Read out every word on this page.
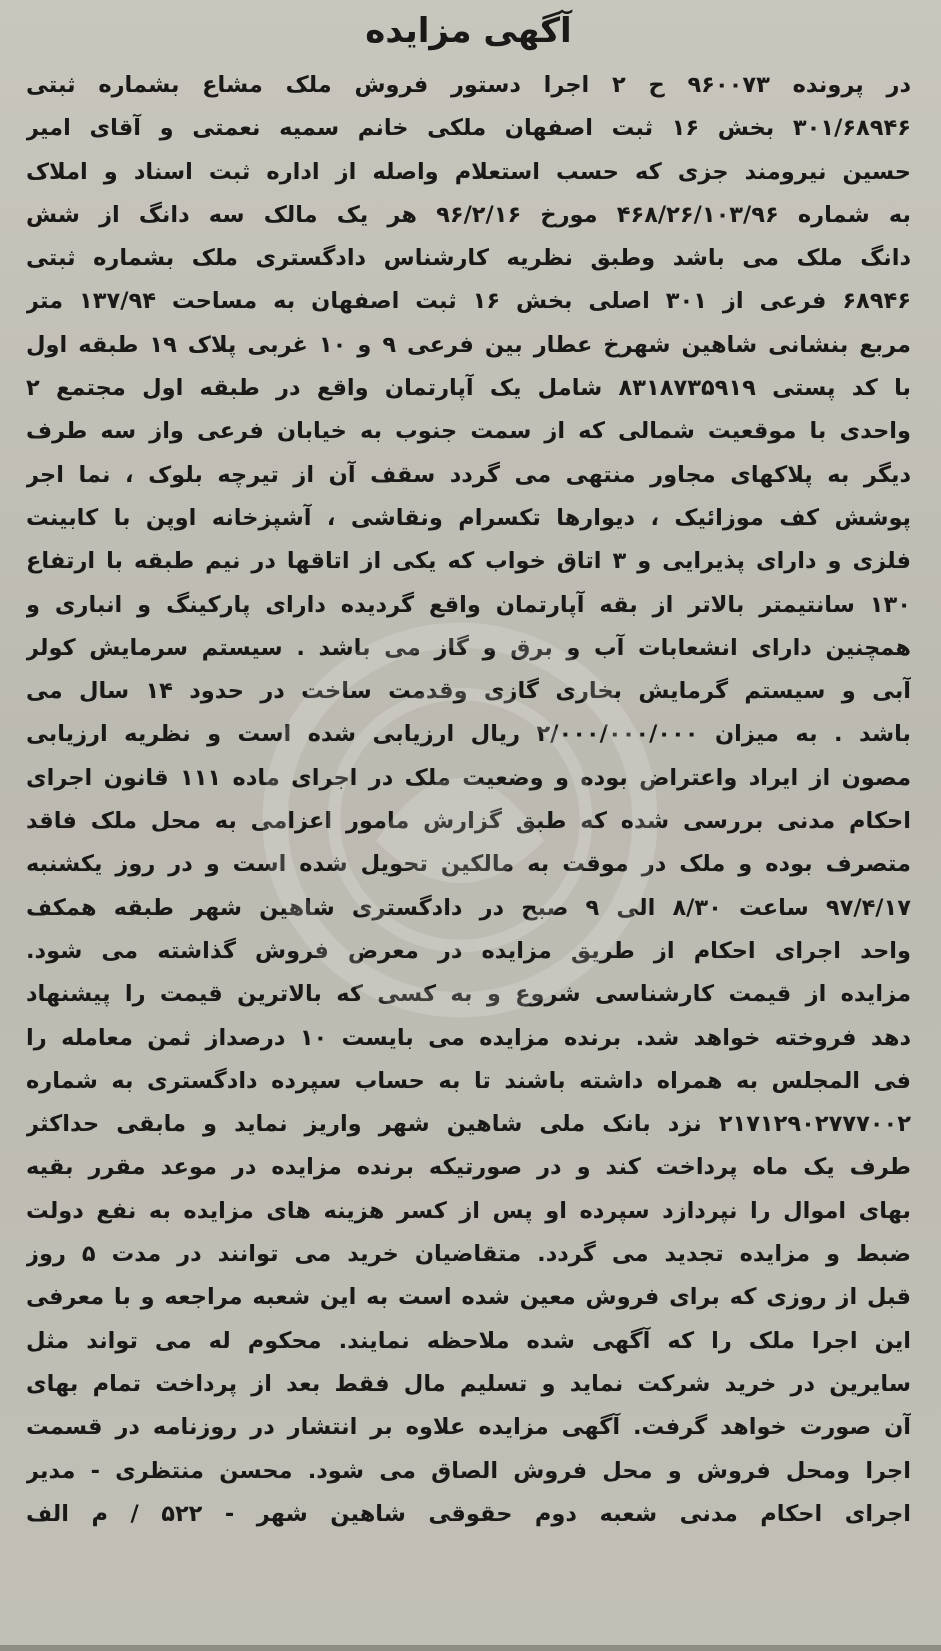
آگهی مزایده
در پرونده ۹۶۰۰۷۳ ح ۲ اجرا دستور فروش ملک مشاع بشماره ثبتی
۳۰۱/۶۸۹۴۶ بخش ۱۶ ثبت اصفهان ملکی خانم سمیه نعمتی و آقای امیر
حسین نیرومند جزی که حسب استعلام واصله از اداره ثبت اسناد و املاک
به شماره ۴۶۸/۲۶/۱۰۳/۹۶ مورخ ۹۶/۲/۱۶ هر یک مالک سه دانگ از شش
دانگ ملک می باشد وطبق نظریه کارشناس دادگستری ملک بشماره ثبتی
۶۸۹۴۶ فرعی از ۳۰۱ اصلی بخش ۱۶ ثبت اصفهان به مساحت ۱۳۷/۹۴ متر
مربع بنشانی شاهین شهرخ عطار بین فرعی ۹ و ۱۰ غربی پلاک ۱۹ طبقه اول
با کد پستی ۸۳۱۸۷۳۵۹۱۹ شامل یک آپارتمان واقع در طبقه اول مجتمع ۲
واحدی با موقعیت شمالی که از سمت جنوب به خیابان فرعی واز سه طرف
دیگر به پلاکهای مجاور منتهی می گردد سقف آن از تیرچه بلوک ، نما اجر
پوشش کف موزائیک ، دیوارها تکسرام ونقاشی ، آشپزخانه اوپن با کابینت
فلزی و دارای پذیرایی و ۳ اتاق خواب که یکی از اتاقها در نیم طبقه با ارتفاع
۱۳۰ سانتیمتر بالاتر از بقه آپارتمان واقع گردیده دارای پارکینگ و انباری و
همچنین دارای انشعابات آب و برق و گاز می باشد . سیستم سرمایش کولر
آبی و سیستم گرمایش بخاری گازی وقدمت ساخت در حدود ۱۴ سال می
باشد . به میزان ۲/۰۰۰/۰۰۰/۰۰۰ ریال ارزیابی شده است و نظریه ارزیابی
مصون از ایراد واعتراض بوده و وضعیت ملک در اجرای ماده ۱۱۱ قانون اجرای
احکام مدنی بررسی شده که طبق گزارش مامور اعزامی به محل ملک فاقد
متصرف بوده و ملک در موقت به مالکین تحویل شده است و در روز یکشنبه
۹۷/۴/۱۷ ساعت ۸/۳۰ الی ۹ صبح در دادگستری شاهین شهر طبقه همکف
واحد اجرای احکام از طریق مزایده در معرض فروش گذاشته می شود.
مزایده از قیمت کارشناسی شروع و به کسی که بالاترین قیمت را پیشنهاد
دهد فروخته خواهد شد. برنده مزایده می بایست ۱۰ درصداز ثمن معامله را
فی المجلس به همراه داشته باشند تا به حساب سپرده دادگستری به شماره
۲۱۷۱۲۹۰۲۷۷۷۰۰۲ نزد بانک ملی شاهین شهر واریز نماید و مابقی حداکثر
طرف یک ماه پرداخت کند و در صورتیکه برنده مزایده در موعد مقرر بقیه
بهای اموال را نپردازد سپرده او پس از کسر هزینه های مزایده به نفع دولت
ضبط و مزایده تجدید می گردد. متقاضیان خرید می توانند در مدت ۵ روز
قبل از روزی که برای فروش معین شده است به این شعبه مراجعه و با معرفی
این اجرا ملک را که آگهی شده ملاحظه نمایند. محکوم له می تواند مثل
سایرین در خرید شرکت نماید و تسلیم مال فقط بعد از پرداخت تمام بهای
آن صورت خواهد گرفت. آگهی مزایده علاوه بر انتشار در روزنامه در قسمت
اجرا ومحل فروش و محل فروش الصاق می شود. محسن منتظری - مدیر
اجرای احکام مدنی شعبه دوم حقوقی شاهین شهر - ۵۲۲ / م الف
